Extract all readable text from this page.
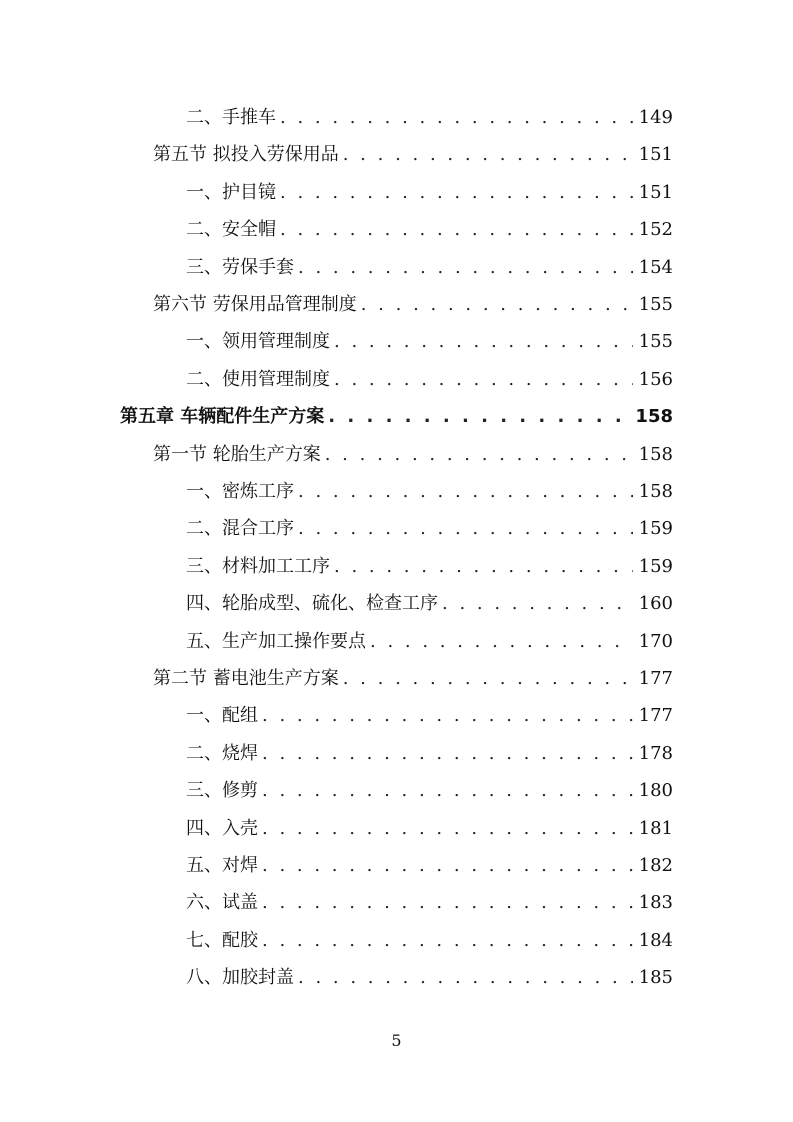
二、手推车 . . .	149
第五节 拟投入劳保用品 . . .	151
一、护目镜 . . .	151
二、安全帽 . . .	152
三、劳保手套 . . .	154
第六节 劳保用品管理制度 . . .	155
一、领用管理制度 . . .	155
二、使用管理制度 . . .	156
第五章 车辆配件生产方案 . . .	158
第一节 轮胎生产方案 . . .	158
一、密炼工序 . . .	158
二、混合工序 . . .	159
三、材料加工工序 . . .	159
四、轮胎成型、硫化、检查工序 . . .	160
五、生产加工操作要点 . . .	170
第二节 蓄电池生产方案 . . .	177
一、配组 . . .	177
二、烧焊 . . .	178
三、修剪 . . .	180
四、入壳 . . .	181
五、对焊 . . .	182
六、试盖 . . .	183
七、配胶 . . .	184
八、加胶封盖 . . .	185
5
